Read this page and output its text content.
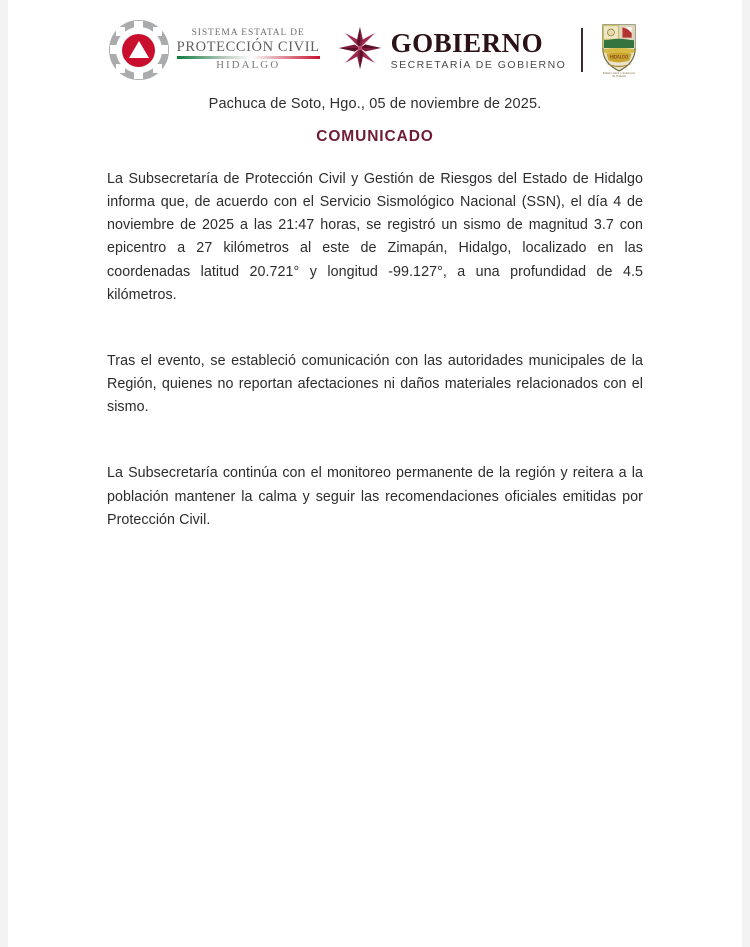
SISTEMA ESTATAL DE
PROTECCIÓN CIVIL
HIDALGO
GOBIERNO
SECRETARÍA DE GOBIERNO
HIDALGO
Estado Libre y Soberano
de Hidalgo

Pachuca de Soto, Hgo., 05 de noviembre de 2025.

COMUNICADO

La Subsecretaría de Protección Civil y Gestión de Riesgos del Estado de Hidalgo informa que, de acuerdo con el Servicio Sismológico Nacional (SSN), el día 4 de noviembre de 2025 a las 21:47 horas, se registró un sismo de magnitud 3.7 con epicentro a 27 kilómetros al este de Zimapán, Hidalgo, localizado en las coordenadas latitud 20.721° y longitud -99.127°, a una profundidad de 4.5 kilómetros.

Tras el evento, se estableció comunicación con las autoridades municipales de la Región, quienes no reportan afectaciones ni daños materiales relacionados con el sismo.

La Subsecretaría continúa con el monitoreo permanente de la región y reitera a la población mantener la calma y seguir las recomendaciones oficiales emitidas por Protección Civil.
